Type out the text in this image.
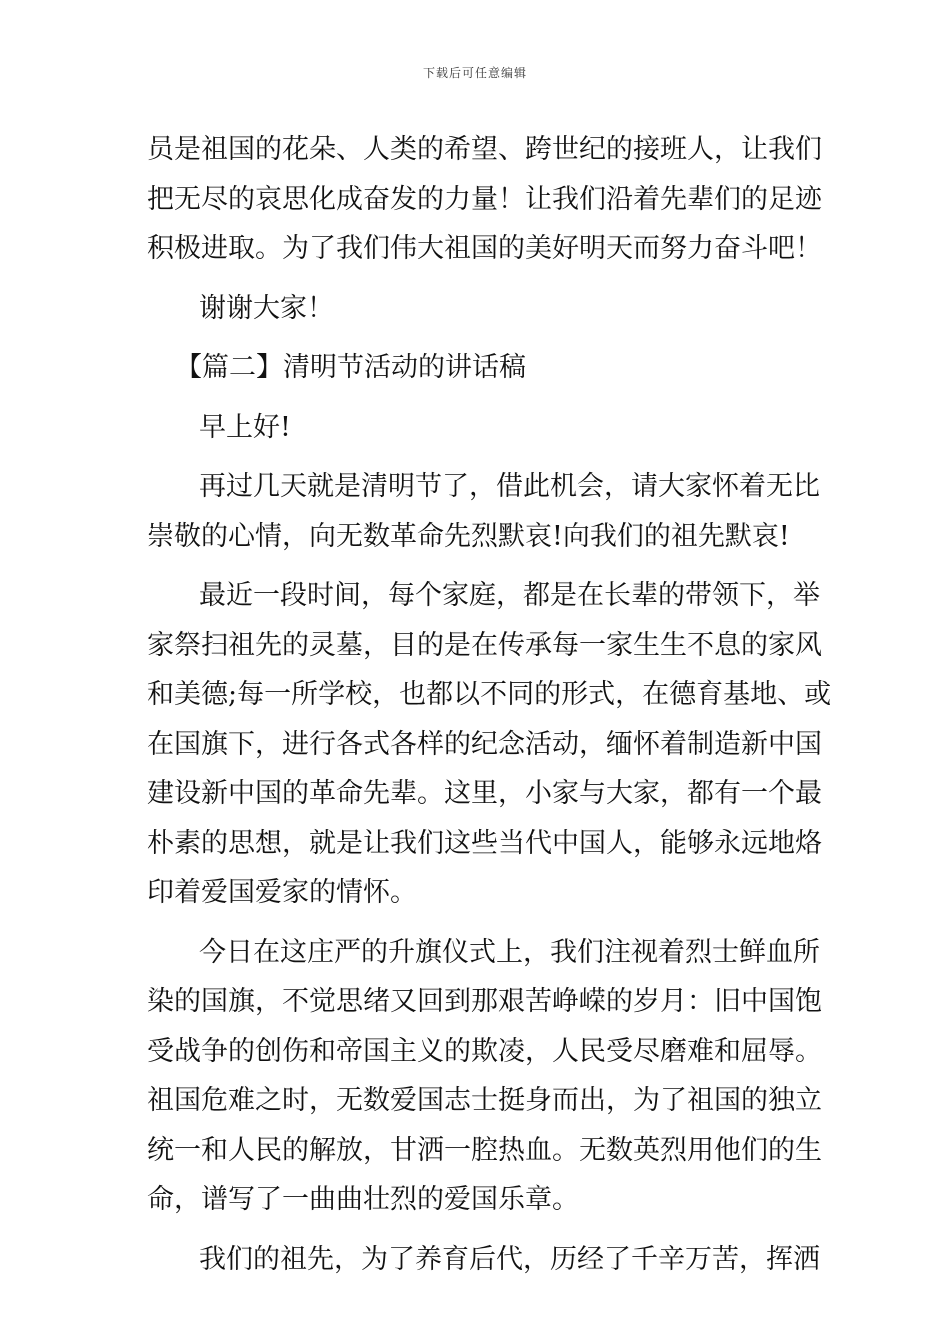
下载后可任意编辑
员是祖国的花朵、人类的希望、跨世纪的接班人，让我们
把无尽的哀思化成奋发的力量！让我们沿着先辈们的足迹
积极进取。为了我们伟大祖国的美好明天而努力奋斗吧！
谢谢大家！
【篇二】清明节活动的讲话稿
早上好!
再过几天就是清明节了，借此机会，请大家怀着无比
崇敬的心情，向无数革命先烈默哀!向我们的祖先默哀!
最近一段时间，每个家庭，都是在长辈的带领下，举
家祭扫祖先的灵墓，目的是在传承每一家生生不息的家风
和美德;每一所学校，也都以不同的形式，在德育基地、或
在国旗下，进行各式各样的纪念活动，缅怀着制造新中国
建设新中国的革命先辈。这里，小家与大家，都有一个最
朴素的思想，就是让我们这些当代中国人，能够永远地烙
印着爱国爱家的情怀。
今日在这庄严的升旗仪式上，我们注视着烈士鲜血所
染的国旗，不觉思绪又回到那艰苦峥嵘的岁月：旧中国饱
受战争的创伤和帝国主义的欺凌，人民受尽磨难和屈辱。
祖国危难之时，无数爱国志士挺身而出，为了祖国的独立
统一和人民的解放，甘洒一腔热血。无数英烈用他们的生
命，谱写了一曲曲壮烈的爱国乐章。
我们的祖先，为了养育后代，历经了千辛万苦，挥洒
